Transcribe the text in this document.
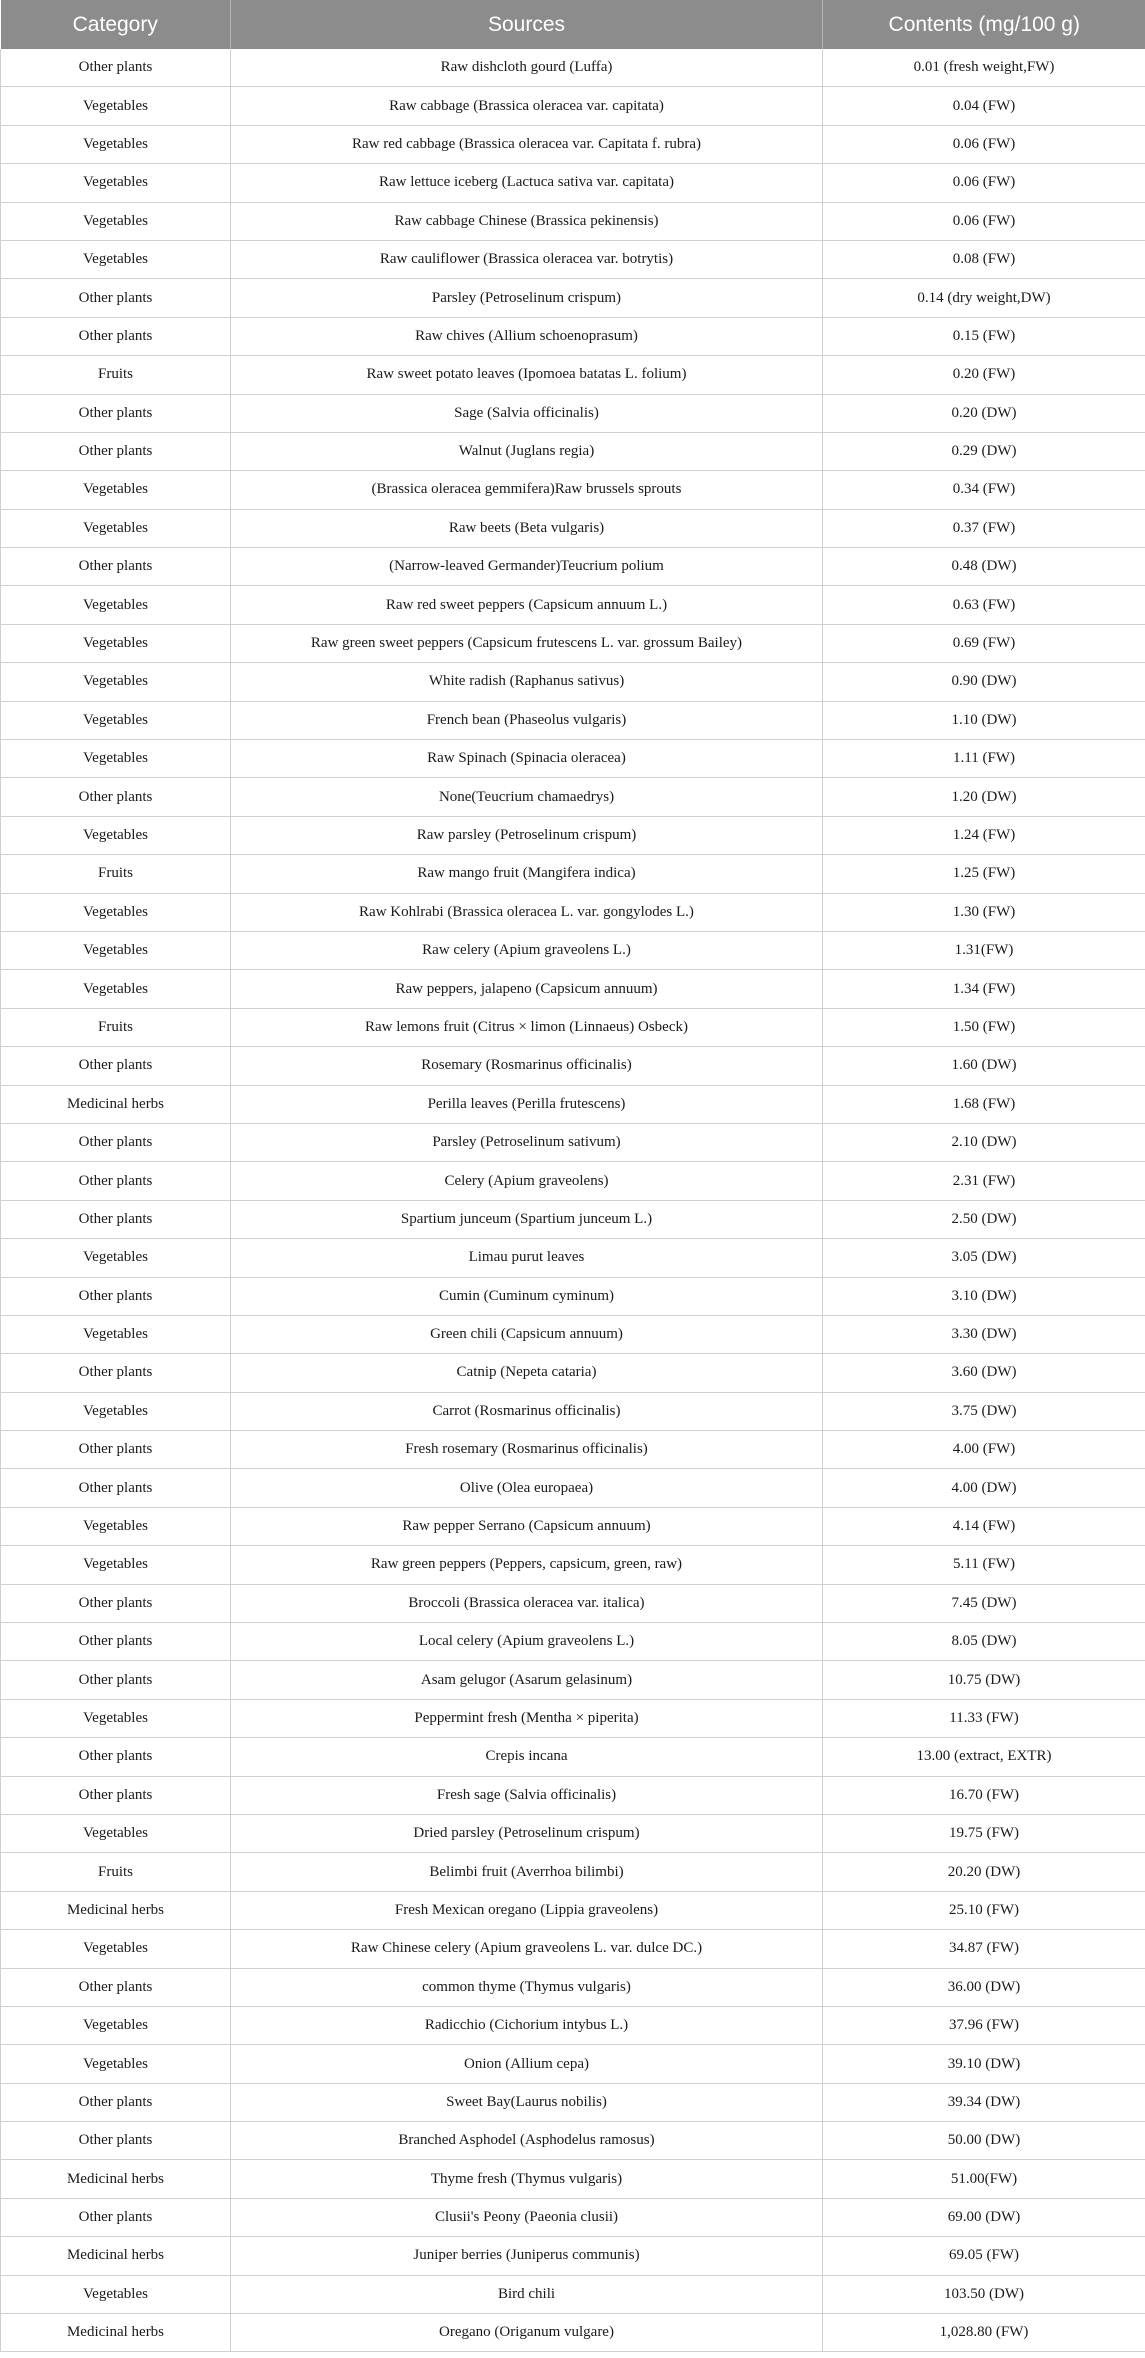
Category	Sources	Contents (mg/100 g)
Other plants	Raw dishcloth gourd (Luffa)	0.01 (fresh weight,FW)
Vegetables	Raw cabbage (Brassica oleracea var. capitata)	0.04 (FW)
Vegetables	Raw red cabbage (Brassica oleracea var. Capitata f. rubra)	0.06 (FW)
Vegetables	Raw lettuce iceberg (Lactuca sativa var. capitata)	0.06 (FW)
Vegetables	Raw cabbage Chinese (Brassica pekinensis)	0.06 (FW)
Vegetables	Raw cauliflower (Brassica oleracea var. botrytis)	0.08 (FW)
Other plants	Parsley (Petroselinum crispum)	0.14 (dry weight,DW)
Other plants	Raw chives (Allium schoenoprasum)	0.15 (FW)
Fruits	Raw sweet potato leaves (Ipomoea batatas L. folium)	0.20 (FW)
Other plants	Sage (Salvia officinalis)	0.20 (DW)
Other plants	Walnut (Juglans regia)	0.29 (DW)
Vegetables	(Brassica oleracea gemmifera)Raw brussels sprouts	0.34 (FW)
Vegetables	Raw beets (Beta vulgaris)	0.37 (FW)
Other plants	(Narrow-leaved Germander)Teucrium polium	0.48 (DW)
Vegetables	Raw red sweet peppers (Capsicum annuum L.)	0.63 (FW)
Vegetables	Raw green sweet peppers (Capsicum frutescens L. var. grossum Bailey)	0.69 (FW)
Vegetables	White radish (Raphanus sativus)	0.90 (DW)
Vegetables	French bean (Phaseolus vulgaris)	1.10 (DW)
Vegetables	Raw Spinach (Spinacia oleracea)	1.11 (FW)
Other plants	None(Teucrium chamaedrys)	1.20 (DW)
Vegetables	Raw parsley (Petroselinum crispum)	1.24 (FW)
Fruits	Raw mango fruit (Mangifera indica)	1.25 (FW)
Vegetables	Raw Kohlrabi (Brassica oleracea L. var. gongylodes L.)	1.30 (FW)
Vegetables	Raw celery (Apium graveolens L.)	1.31(FW)
Vegetables	Raw peppers, jalapeno (Capsicum annuum)	1.34 (FW)
Fruits	Raw lemons fruit (Citrus × limon (Linnaeus) Osbeck)	1.50 (FW)
Other plants	Rosemary (Rosmarinus officinalis)	1.60 (DW)
Medicinal herbs	Perilla leaves (Perilla frutescens)	1.68 (FW)
Other plants	Parsley (Petroselinum sativum)	2.10 (DW)
Other plants	Celery (Apium graveolens)	2.31 (FW)
Other plants	Spartium junceum (Spartium junceum L.)	2.50 (DW)
Vegetables	Limau purut leaves	3.05 (DW)
Other plants	Cumin (Cuminum cyminum)	3.10 (DW)
Vegetables	Green chili (Capsicum annuum)	3.30 (DW)
Other plants	Catnip (Nepeta cataria)	3.60 (DW)
Vegetables	Carrot (Rosmarinus officinalis)	3.75 (DW)
Other plants	Fresh rosemary (Rosmarinus officinalis)	4.00 (FW)
Other plants	Olive (Olea europaea)	4.00 (DW)
Vegetables	Raw pepper Serrano (Capsicum annuum)	4.14 (FW)
Vegetables	Raw green peppers (Peppers, capsicum, green, raw)	5.11 (FW)
Other plants	Broccoli (Brassica oleracea var. italica)	7.45 (DW)
Other plants	Local celery (Apium graveolens L.)	8.05 (DW)
Other plants	Asam gelugor (Asarum gelasinum)	10.75 (DW)
Vegetables	Peppermint fresh (Mentha × piperita)	11.33 (FW)
Other plants	Crepis incana	13.00 (extract, EXTR)
Other plants	Fresh sage (Salvia officinalis)	16.70 (FW)
Vegetables	Dried parsley (Petroselinum crispum)	19.75 (FW)
Fruits	Belimbi fruit (Averrhoa bilimbi)	20.20 (DW)
Medicinal herbs	Fresh Mexican oregano (Lippia graveolens)	25.10 (FW)
Vegetables	Raw Chinese celery (Apium graveolens L. var. dulce DC.)	34.87 (FW)
Other plants	common thyme (Thymus vulgaris)	36.00 (DW)
Vegetables	Radicchio (Cichorium intybus L.)	37.96 (FW)
Vegetables	Onion (Allium cepa)	39.10 (DW)
Other plants	Sweet Bay(Laurus nobilis)	39.34 (DW)
Other plants	Branched Asphodel (Asphodelus ramosus)	50.00 (DW)
Medicinal herbs	Thyme fresh (Thymus vulgaris)	51.00(FW)
Other plants	Clusii's Peony (Paeonia clusii)	69.00 (DW)
Medicinal herbs	Juniper berries (Juniperus communis)	69.05 (FW)
Vegetables	Bird chili	103.50 (DW)
Medicinal herbs	Oregano (Origanum vulgare)	1,028.80 (FW)
